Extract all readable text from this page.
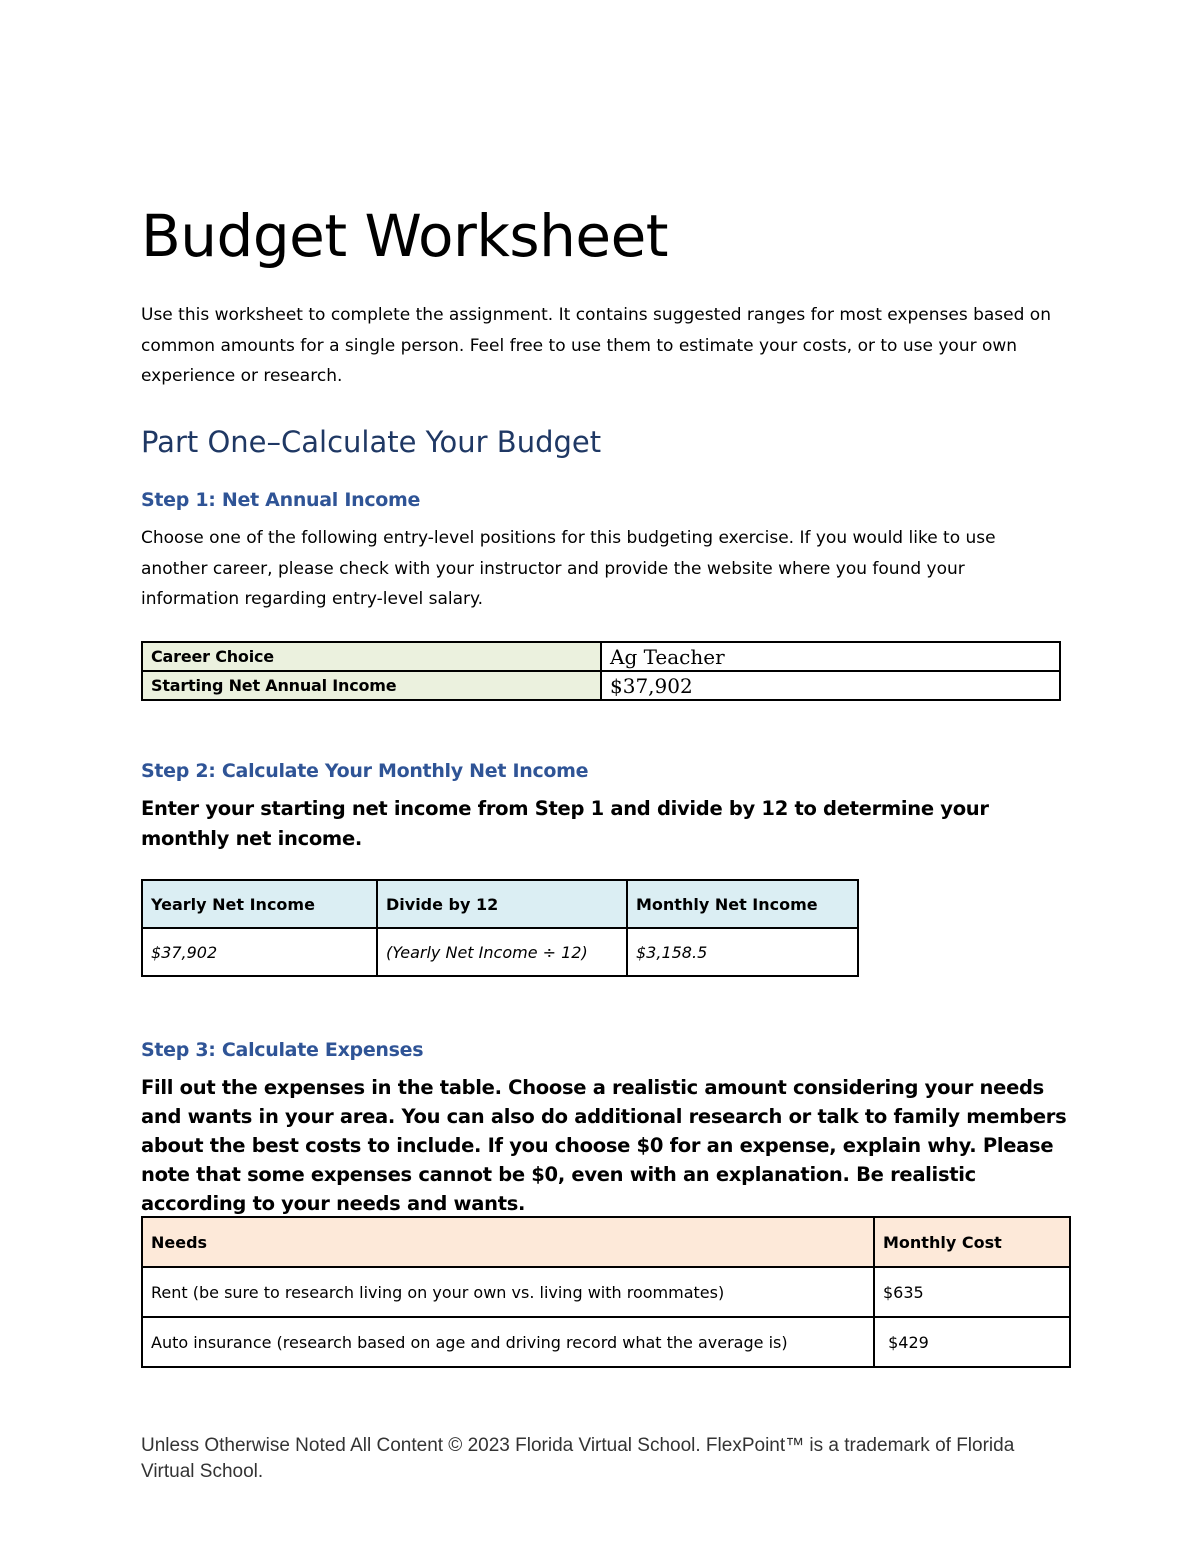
Budget Worksheet

Use this worksheet to complete the assignment. It contains suggested ranges for most expenses based on common amounts for a single person. Feel free to use them to estimate your costs, or to use your own experience or research.

Part One–Calculate Your Budget
Step 1: Net Annual Income

Choose one of the following entry-level positions for this budgeting exercise. If you would like to use another career, please check with your instructor and provide the website where you found your information regarding entry-level salary.

Career Choice	Ag Teacher
Starting Net Annual Income	$37,902
Step 2: Calculate Your Monthly Net Income

Enter your starting net income from Step 1 and divide by 12 to determine your monthly net income.

Yearly Net Income	Divide by 12	Monthly Net Income
$37,902	(Yearly Net Income ÷ 12)	$3,158.5
Step 3: Calculate Expenses

Fill out the expenses in the table. Choose a realistic amount considering your needs and wants in your area. You can also do additional research or talk to family members about the best costs to include. If you choose $0 for an expense, explain why. Please note that some expenses cannot be $0, even with an explanation. Be realistic according to your needs and wants.

Needs	Monthly Cost
Rent (be sure to research living on your own vs. living with roommates)	$635
Auto insurance (research based on age and driving record what the average is)	$429

Unless Otherwise Noted All Content © 2023 Florida Virtual School. FlexPoint™ is a trademark of Florida Virtual School.
